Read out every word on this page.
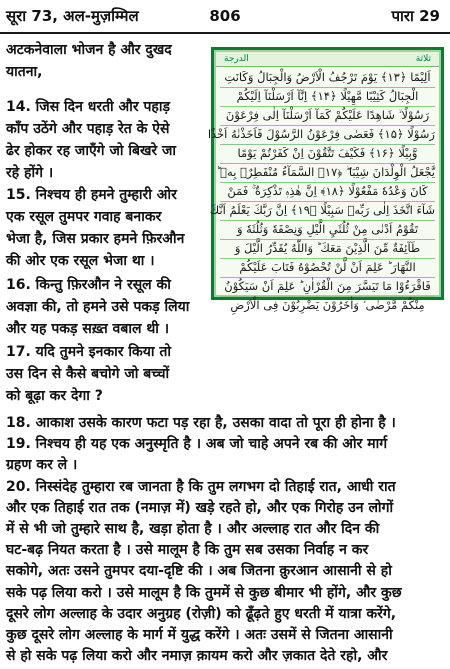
सूरा 73, अल-मुज़म्मिल	806	पारा 29
अटकनेवाला भोजन है और दुखद
यातना,
14. जिस दिन धरती और पहाड़
काँप उठेंगे और पहाड़ रेत के ऐसे
ढेर होकर रह जाएँगे जो बिखरे जा
रहे होंगे ।
15. निश्चय ही हमने तुम्हारी ओर
एक रसूल तुमपर गवाह बनाकर
भेजा है, जिस प्रकार हमने फ़िरऔन
की ओर एक रसूल भेजा था ।
16. किन्तु फ़िरऔन ने रसूल की
अवज्ञा की, तो हमने उसे पकड़ लिया
और यह पकड़ सख़्त वबाल थी ।
17. यदि तुमने इनकार किया तो
उस दिन से कैसे बचोगे जो बच्चों
को बूढ़ा कर देगा ?
الدرجة	ثلاثة
اَلِيْمًا ﴿۱۳﴾ يَوْمَ تَرْجُفُ الْاَرْضُ وَالْجِبَالُ وَكَانَتِ
الْجِبَالُ كَثِيْبًا مَّهِيْلًا ﴿۱۴﴾ اِنَّآ اَرْسَلْنَآ اِلَيْكُمْ
رَسُوْلًا ۙ شَاهِدًا عَلَيْكُمْ كَمَآ اَرْسَلْنَآ اِلٰى فِرْعَوْنَ
رَسُوْلًا ﴿۱۵﴾ فَعَصٰى فِرْعَوْنُ الرَّسُوْلَ فَاَخَذْنٰهُ اَخْذًا
وَّبِيْلًا ﴿۱۶﴾ فَكَيْفَ تَتَّقُوْنَ اِنْ كَفَرْتُمْ يَوْمًا
يَّجْعَلُ الْوِلْدَانَ شِيْبَا ۖ ﴿۱۷﴾ السَّمَآءُ مُنْفَطِرٌۢ بِهٖ ؕ
كَانَ وَعْدُهٗ مَفْعُوْلًا ﴿۱۸﴾ اِنَّ هٰذِهٖ تَذْكِرَةٌ ۚ فَمَنْ
شَآءَ اتَّخَذَ اِلٰى رَبِّهٖ سَبِيْلًا ﴿۱۹﴾ اِنَّ رَبَّكَ يَعْلَمُ اَنَّكَ
تَقُوْمُ اَدْنٰى مِنْ ثُلُثَيِ الَّيْلِ وَنِصْفَهٗ وَثُلُثَهٗ وَ
طَآئِفَةٌ مِّنَ الَّذِيْنَ مَعَكَ ؕ وَاللّٰهُ يُقَدِّرُ الَّيْلَ وَ
النَّهَارَ ؕ عَلِمَ اَنْ لَّنْ تُحْصُوْهُ فَتَابَ عَلَيْكُمْ
فَاقْرَءُوْا مَا تَيَسَّرَ مِنَ الْقُرْاٰنِ ؕ عَلِمَ اَنْ سَيَكُوْنُ
مِنْكُمْ مَّرْضٰى ۙ وَاٰخَرُوْنَ يَضْرِبُوْنَ فِى الْاَرْضِ
18. आकाश उसके कारण फटा पड़ रहा है, उसका वादा तो पूरा ही होना है ।
19. निश्चय ही यह एक अनुस्मृति है । अब जो चाहे अपने रब की ओर मार्ग
ग्रहण कर ले ।
20. निस्संदेह तुम्हारा रब जानता है कि तुम लगभग दो तिहाई रात, आधी रात
और एक तिहाई रात तक (नमाज़ में) खड़े रहते हो, और एक गिरोह उन लोगों
में से भी जो तुम्हारे साथ है, खड़ा होता है । और अल्लाह रात और दिन की
घट-बढ़ नियत करता है । उसे मालूम है कि तुम सब उसका निर्वाह न कर
सकोगे, अतः उसने तुमपर दया-दृष्टि की । अब जितना क़ुरआन आसानी से हो
सके पढ़ लिया करो । उसे मालूम है कि तुममें से कुछ बीमार भी होंगे, और कुछ
दूसरे लोग अल्लाह के उदार अनुग्रह (रोज़ी) को ढूँढ़ते हुए धरती में यात्रा करेंगे,
कुछ दूसरे लोग अल्लाह के मार्ग में युद्ध करेंगे । अतः उसमें से जितना आसानी
से हो सके पढ़ लिया करो और नमाज़ क़ायम करो और ज़कात देते रहो, और
